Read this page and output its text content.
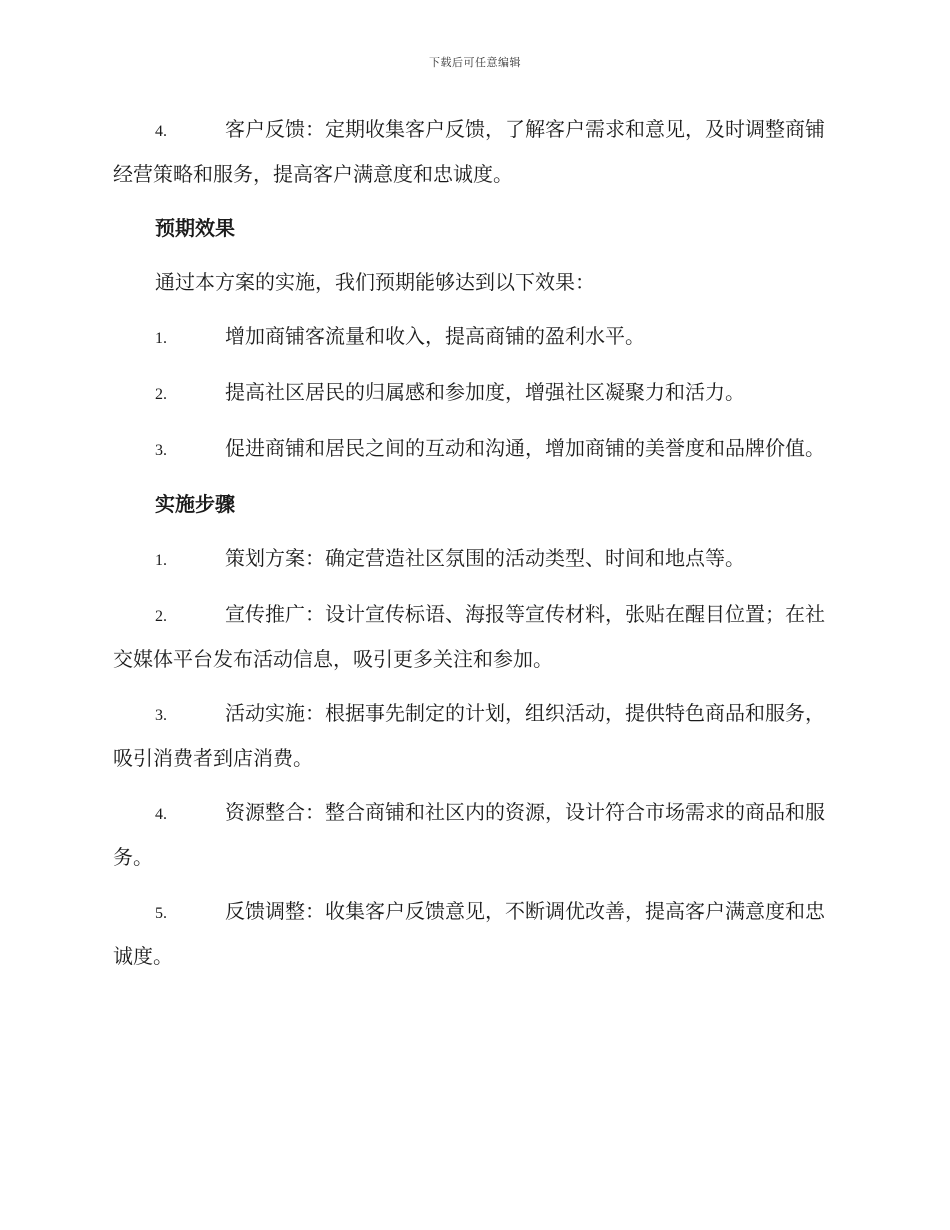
下载后可任意编辑

4.	客户反馈：定期收集客户反馈，了解客户需求和意见，及时调整商铺经营策略和服务，提高客户满意度和忠诚度。

预期效果

通过本方案的实施，我们预期能够达到以下效果：

1.	增加商铺客流量和收入，提高商铺的盈利水平。

2.	提高社区居民的归属感和参加度，增强社区凝聚力和活力。

3.	促进商铺和居民之间的互动和沟通，增加商铺的美誉度和品牌价值。

实施步骤

1.	策划方案：确定营造社区氛围的活动类型、时间和地点等。

2.	宣传推广：设计宣传标语、海报等宣传材料，张贴在醒目位置；在社交媒体平台发布活动信息，吸引更多关注和参加。

3.	活动实施：根据事先制定的计划，组织活动，提供特色商品和服务，吸引消费者到店消费。

4.	资源整合：整合商铺和社区内的资源，设计符合市场需求的商品和服务。

5.	反馈调整：收集客户反馈意见，不断调优改善，提高客户满意度和忠诚度。
